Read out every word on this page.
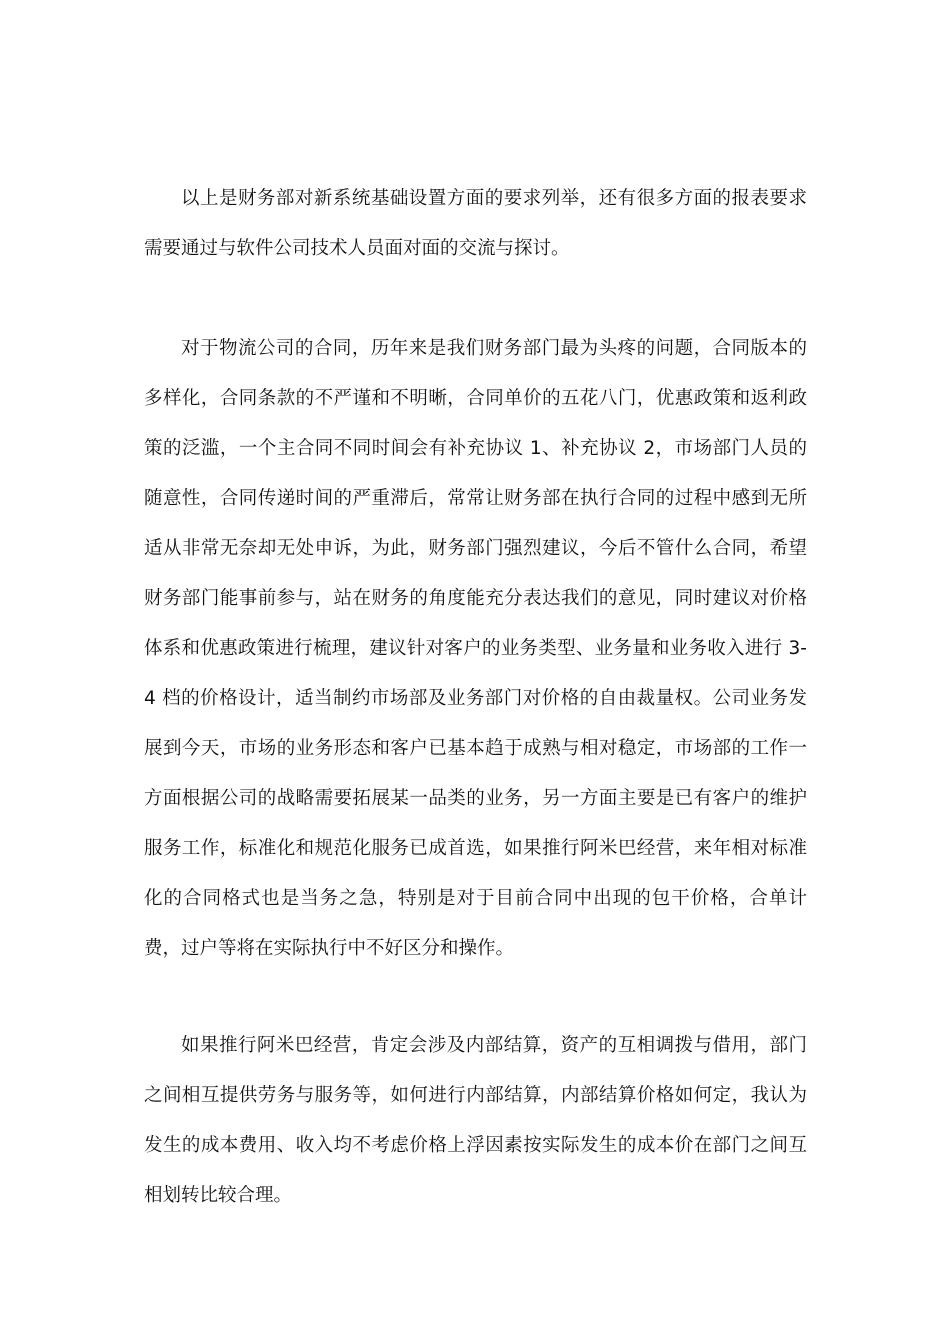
以上是财务部对新系统基础设置方面的要求列举，还有很多方面的报表要求需要通过与软件公司技术人员面对面的交流与探讨。

对于物流公司的合同，历年来是我们财务部门最为头疼的问题，合同版本的多样化，合同条款的不严谨和不明晰，合同单价的五花八门，优惠政策和返利政策的泛滥，一个主合同不同时间会有补充协议 1、补充协议 2，市场部门人员的随意性，合同传递时间的严重滞后，常常让财务部在执行合同的过程中感到无所适从非常无奈却无处申诉，为此，财务部门强烈建议，今后不管什么合同，希望财务部门能事前参与，站在财务的角度能充分表达我们的意见，同时建议对价格体系和优惠政策进行梳理，建议针对客户的业务类型、业务量和业务收入进行 3-4 档的价格设计，适当制约市场部及业务部门对价格的自由裁量权。公司业务发展到今天，市场的业务形态和客户已基本趋于成熟与相对稳定，市场部的工作一方面根据公司的战略需要拓展某一品类的业务，另一方面主要是已有客户的维护服务工作，标准化和规范化服务已成首选，如果推行阿米巴经营，来年相对标准化的合同格式也是当务之急，特别是对于目前合同中出现的包干价格，合单计费，过户等将在实际执行中不好区分和操作。

如果推行阿米巴经营，肯定会涉及内部结算，资产的互相调拨与借用，部门之间相互提供劳务与服务等，如何进行内部结算，内部结算价格如何定，我认为发生的成本费用、收入均不考虑价格上浮因素按实际发生的成本价在部门之间互相划转比较合理。
